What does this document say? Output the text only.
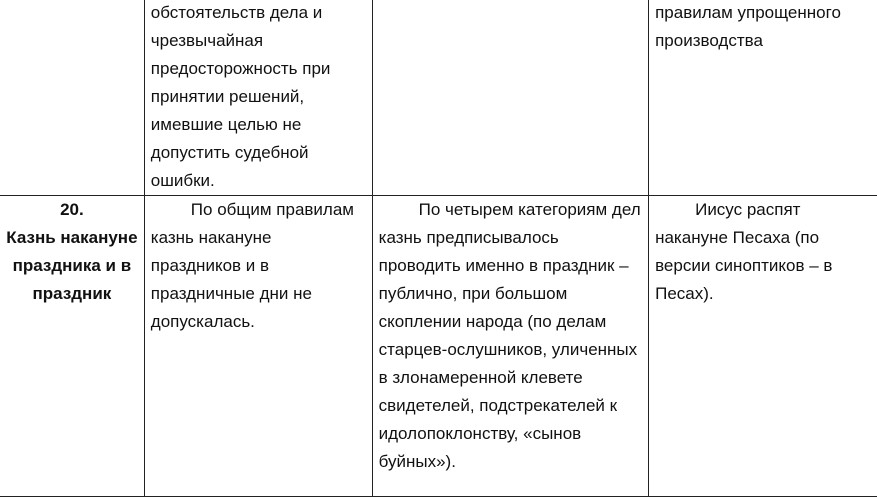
	обстоятельств дела и чрезвычайная предосторожность при принятии решений, имевшие целью не допустить судебной ошибки.		правилам упрощенного производства

20.
Казнь накануне праздника и в праздник	По общим правилам казнь накануне праздников и в праздничные дни не допускалась.	По четырем категориям дел казнь предписывалось проводить именно в праздник – публично, при большом скоплении народа (по делам старцев-ослушников, уличенных в злонамеренной клевете свидетелей, подстрекателей к идолопоклонству, «сынов буйных»).	Иисус распят накануне Песаха (по версии синоптиков – в Песах).
